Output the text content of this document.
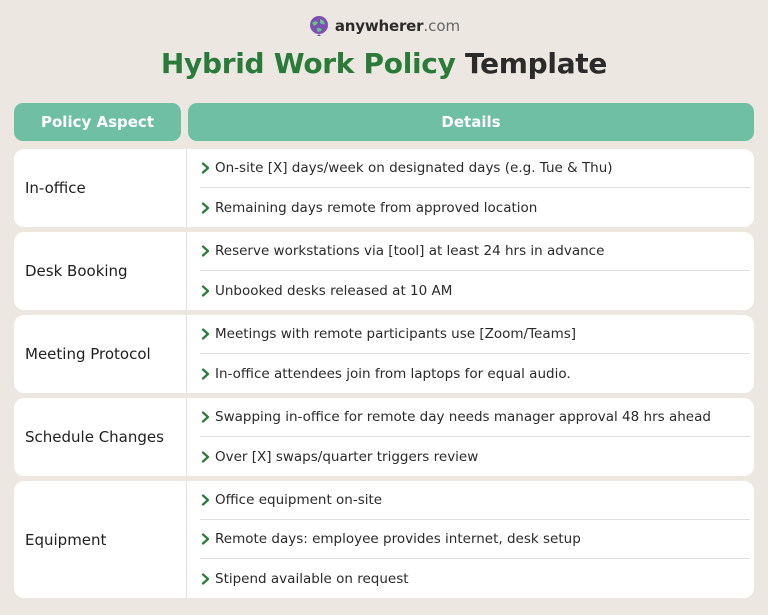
anywherer .com
Hybrid Work Policy Template
Policy Aspect	Details
In-office
On-site [X] days/week on designated days (e.g. Tue & Thu)
Remaining days remote from approved location
Desk Booking
Reserve workstations via [tool] at least 24 hrs in advance
Unbooked desks released at 10 AM
Meeting Protocol
Meetings with remote participants use [Zoom/Teams]
In-office attendees join from laptops for equal audio.
Schedule Changes
Swapping in-office for remote day needs manager approval 48 hrs ahead
Over [X] swaps/quarter triggers review
Equipment
Office equipment on-site
Remote days: employee provides internet, desk setup
Stipend available on request
